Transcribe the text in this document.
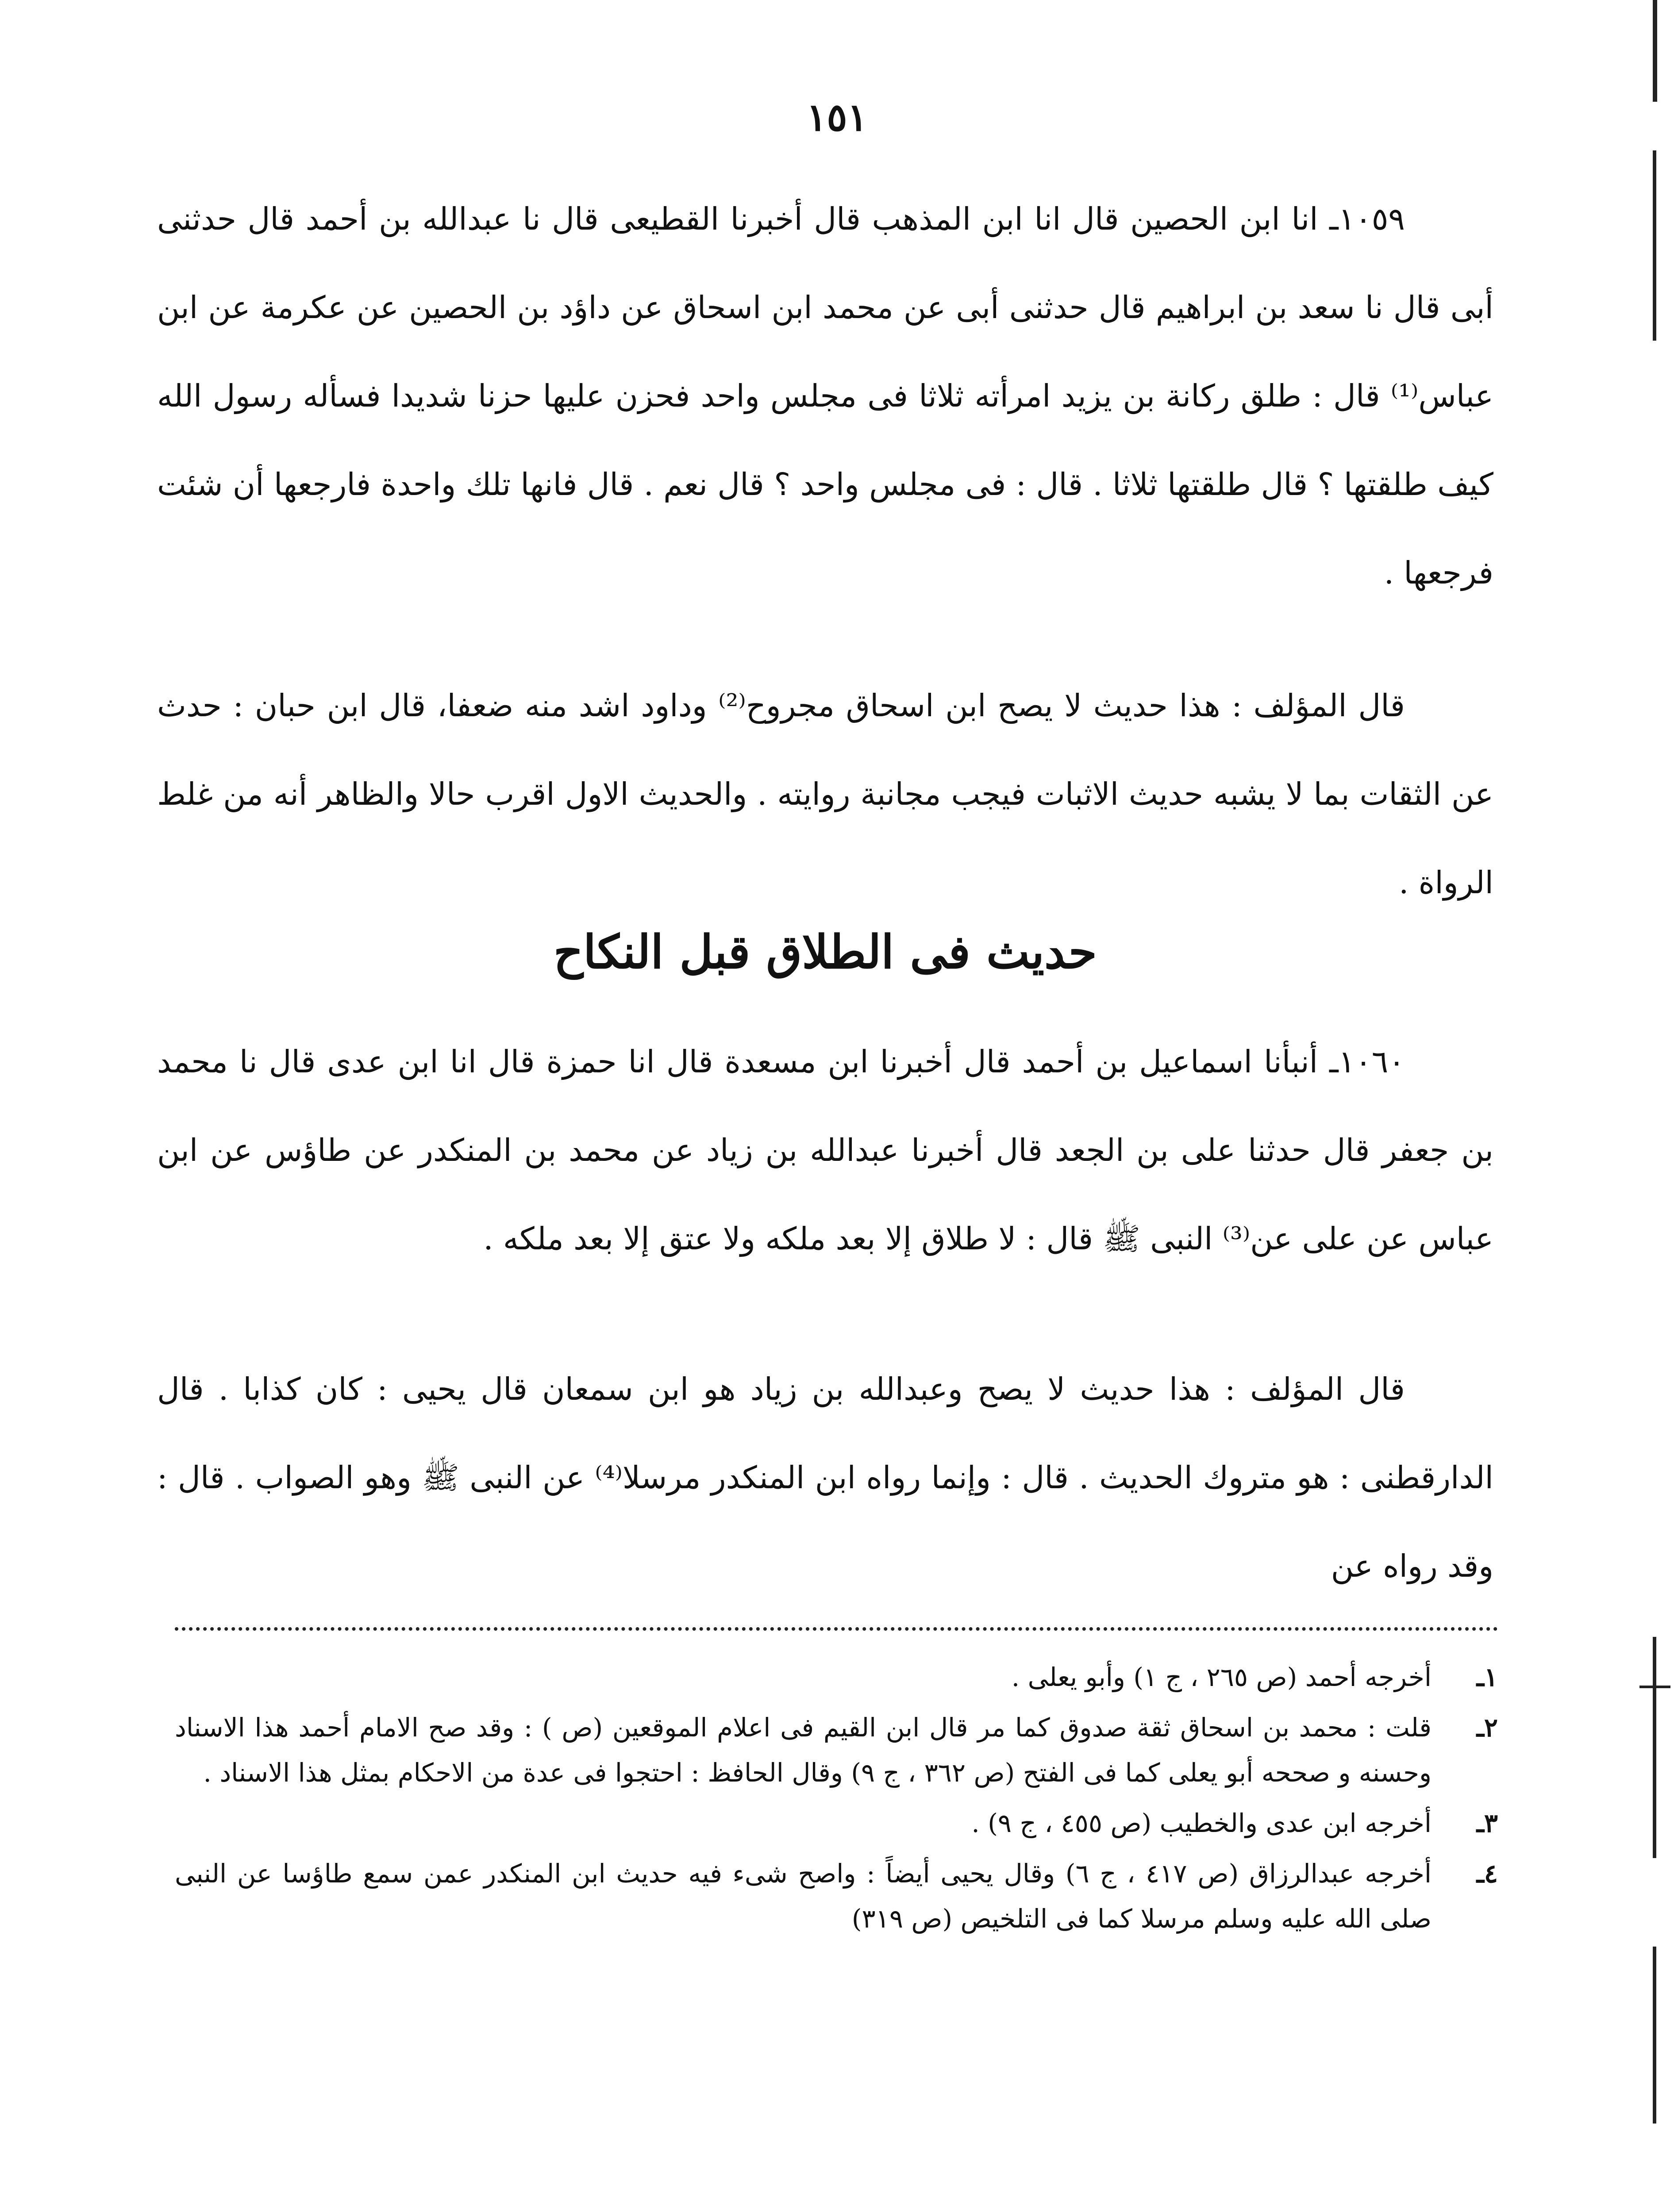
١٥١

١٠٥٩ـ انا ابن الحصين قال انا ابن المذهب قال أخبرنا القطيعى قال نا عبدالله بن أحمد قال حدثنى أبى قال نا سعد بن ابراهيم قال حدثنى أبى عن محمد ابن اسحاق عن داؤد بن الحصين عن عكرمة عن ابن عباس⁽¹⁾ قال : طلق ركانة بن يزيد امرأته ثلاثا فى مجلس واحد فحزن عليها حزنا شديدا فسأله رسول الله كيف طلقتها ؟ قال طلقتها ثلاثا . قال : فى مجلس واحد ؟ قال نعم . قال فانها تلك واحدة فارجعها أن شئت فرجعها .

قال المؤلف : هذا حديث لا يصح ابن اسحاق مجروح⁽²⁾ وداود اشد منه ضعفا، قال ابن حبان : حدث عن الثقات بما لا يشبه حديث الاثبات فيجب مجانبة روايته . والحديث الاول اقرب حالا والظاهر أنه من غلط الرواة .

حديث فى الطلاق قبل النكاح

١٠٦٠ـ أنبأنا اسماعيل بن أحمد قال أخبرنا ابن مسعدة قال انا حمزة قال انا ابن عدى قال نا محمد بن جعفر قال حدثنا على بن الجعد قال أخبرنا عبدالله بن زياد عن محمد بن المنكدر عن طاؤس عن ابن عباس عن على عن⁽³⁾ النبى ﷺ قال : لا طلاق إلا بعد ملكه ولا عتق إلا بعد ملكه .

قال المؤلف : هذا حديث لا يصح وعبدالله بن زياد هو ابن سمعان قال يحيى : كان كذابا . قال الدارقطنى : هو متروك الحديث . قال : وإنما رواه ابن المنكدر مرسلا⁽⁴⁾ عن النبى ﷺ وهو الصواب . قال : وقد رواه عن

١ـ
أخرجه أحمد (ص ٢٦٥ ، ج ١) وأبو يعلى .

٢ـ
قلت : محمد بن اسحاق ثقة صدوق كما مر قال ابن القيم فى اعلام الموقعين (ص ) : وقد صح الامام أحمد هذا الاسناد وحسنه و صححه أبو يعلى كما فى الفتح (ص ٣٦٢ ، ج ٩) وقال الحافظ : احتجوا فى عدة من الاحكام بمثل هذا الاسناد .

٣ـ
أخرجه ابن عدى والخطيب (ص ٤٥٥ ، ج ٩) .

٤ـ
أخرجه عبدالرزاق (ص ٤١٧ ، ج ٦) وقال يحيى أيضاً : واصح شىء فيه حديث ابن المنكدر عمن سمع طاؤسا عن النبى صلى الله عليه وسلم مرسلا كما فى التلخيص (ص ٣١٩)
